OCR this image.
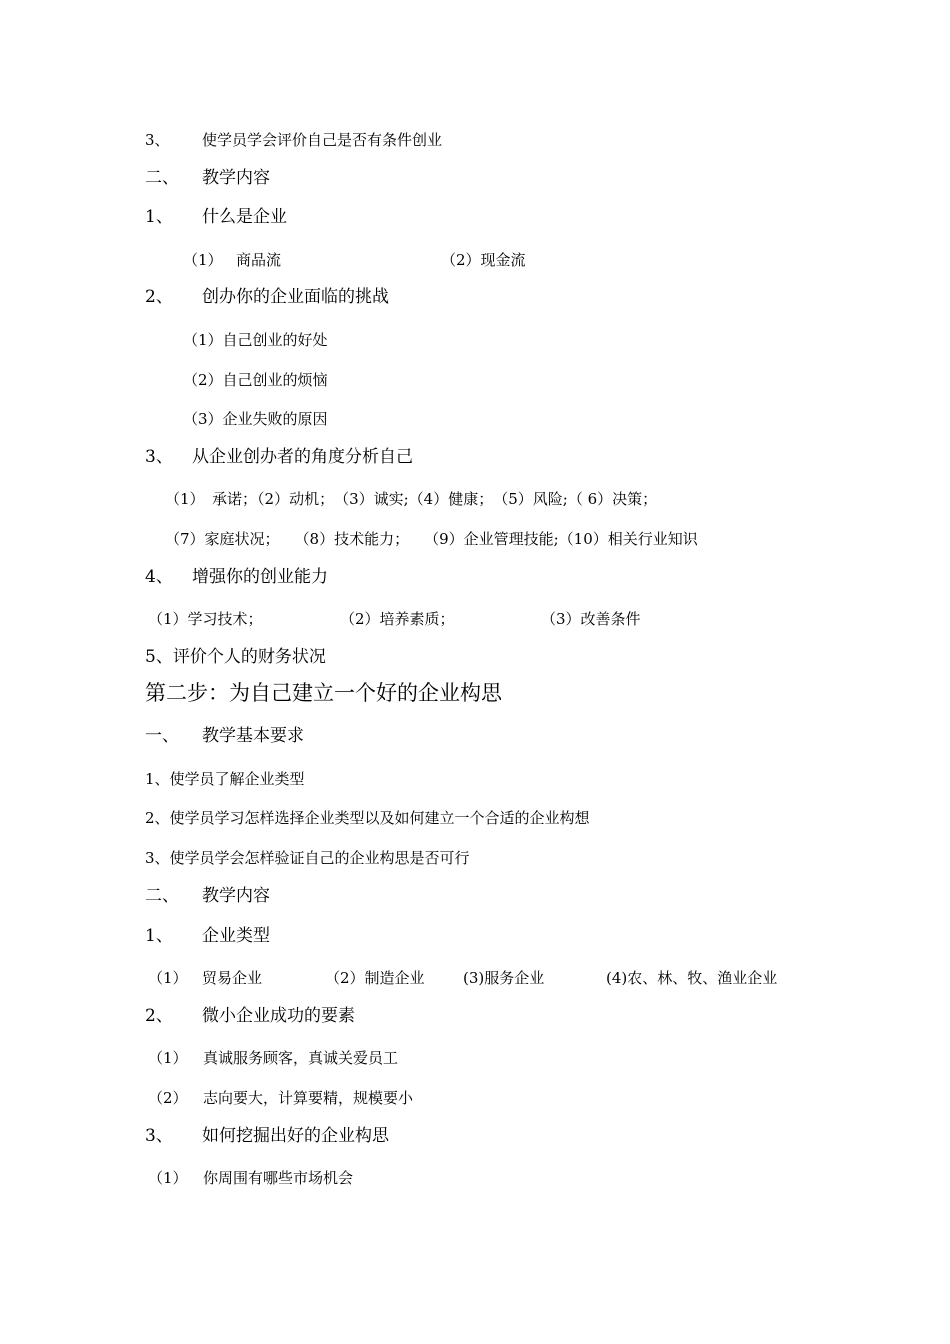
3、 使学员学会评价自己是否有条件创业
二、 教学内容
1、 什么是企业
（1） 商品流	（2）现金流
2、 创办你的企业面临的挑战
（1）自己创业的好处
（2）自己创业的烦恼
（3）企业失败的原因
3、 从企业创办者的角度分析自己
（1）　承诺；（2）动机；　（3）诚实;（4）健康；　（5）风险;（ 6）决策；
（7）家庭状况；　　（8）技术能力；　　（9）企业管理技能;（10）相关行业知识
4、 增强你的创业能力
（1）学习技术；	（2）培养素质；	（3）改善条件
5、评价个人的财务状况
第二步：为自己建立一个好的企业构思
一、 教学基本要求
1、使学员了解企业类型
2、使学员学习怎样选择企业类型以及如何建立一个合适的企业构想
3、使学员学会怎样验证自己的企业构思是否可行
二、 教学内容
1、 企业类型
（1） 贸易企业	（2）制造企业	(3)服务企业	(4)农、林、牧、渔业企业
2、 微小企业成功的要素
（1） 真诚服务顾客，真诚关爱员工
（2） 志向要大，计算要精，规模要小
3、 如何挖掘出好的企业构思
（1） 你周围有哪些市场机会
